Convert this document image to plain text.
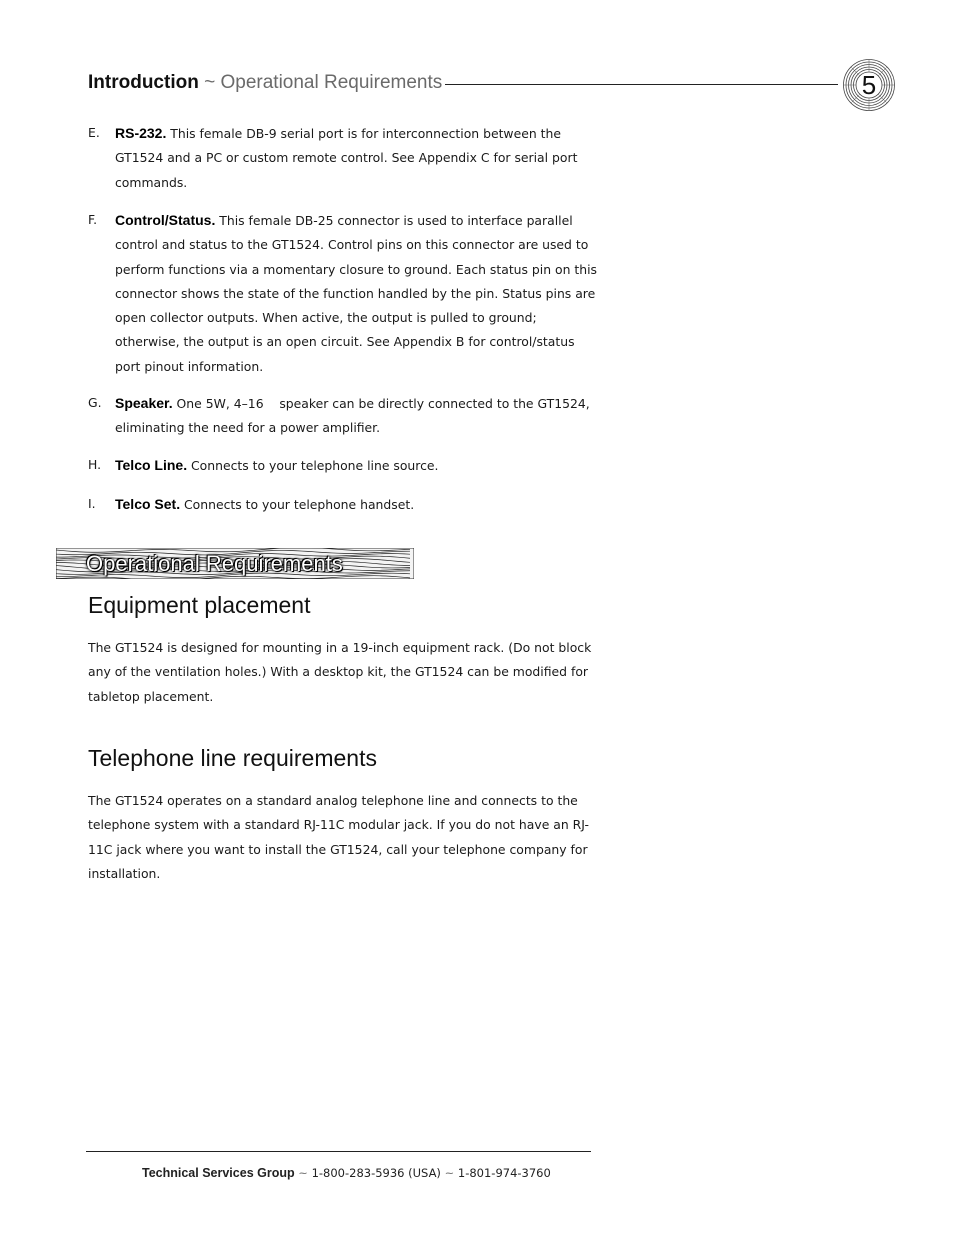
Introduction ~ Operational Requirements	5
E. RS-232. This female DB-9 serial port is for interconnection between the GT1524 and a PC or custom remote control. See Appendix C for serial port commands.
F. Control/Status. This female DB-25 connector is used to interface parallel control and status to the GT1524. Control pins on this connector are used to perform functions via a momentary closure to ground. Each status pin on this connector shows the state of the function handled by the pin. Status pins are open collector outputs. When active, the output is pulled to ground; otherwise, the output is an open circuit. See Appendix B for control/status port pinout information.
G. Speaker. One 5W, 4–16    speaker can be directly connected to the GT1524, eliminating the need for a power amplifier.
H. Telco Line. Connects to your telephone line source.
I. Telco Set. Connects to your telephone handset.
Operational Requirements
Equipment placement
The GT1524 is designed for mounting in a 19-inch equipment rack. (Do not block any of the ventilation holes.) With a desktop kit, the GT1524 can be modified for tabletop placement.
Telephone line requirements
The GT1524 operates on a standard analog telephone line and connects to the telephone system with a standard RJ-11C modular jack. If you do not have an RJ-11C jack where you want to install the GT1524, call your telephone company for installation.
Technical Services Group ~ 1-800-283-5936 (USA) ~ 1-801-974-3760
